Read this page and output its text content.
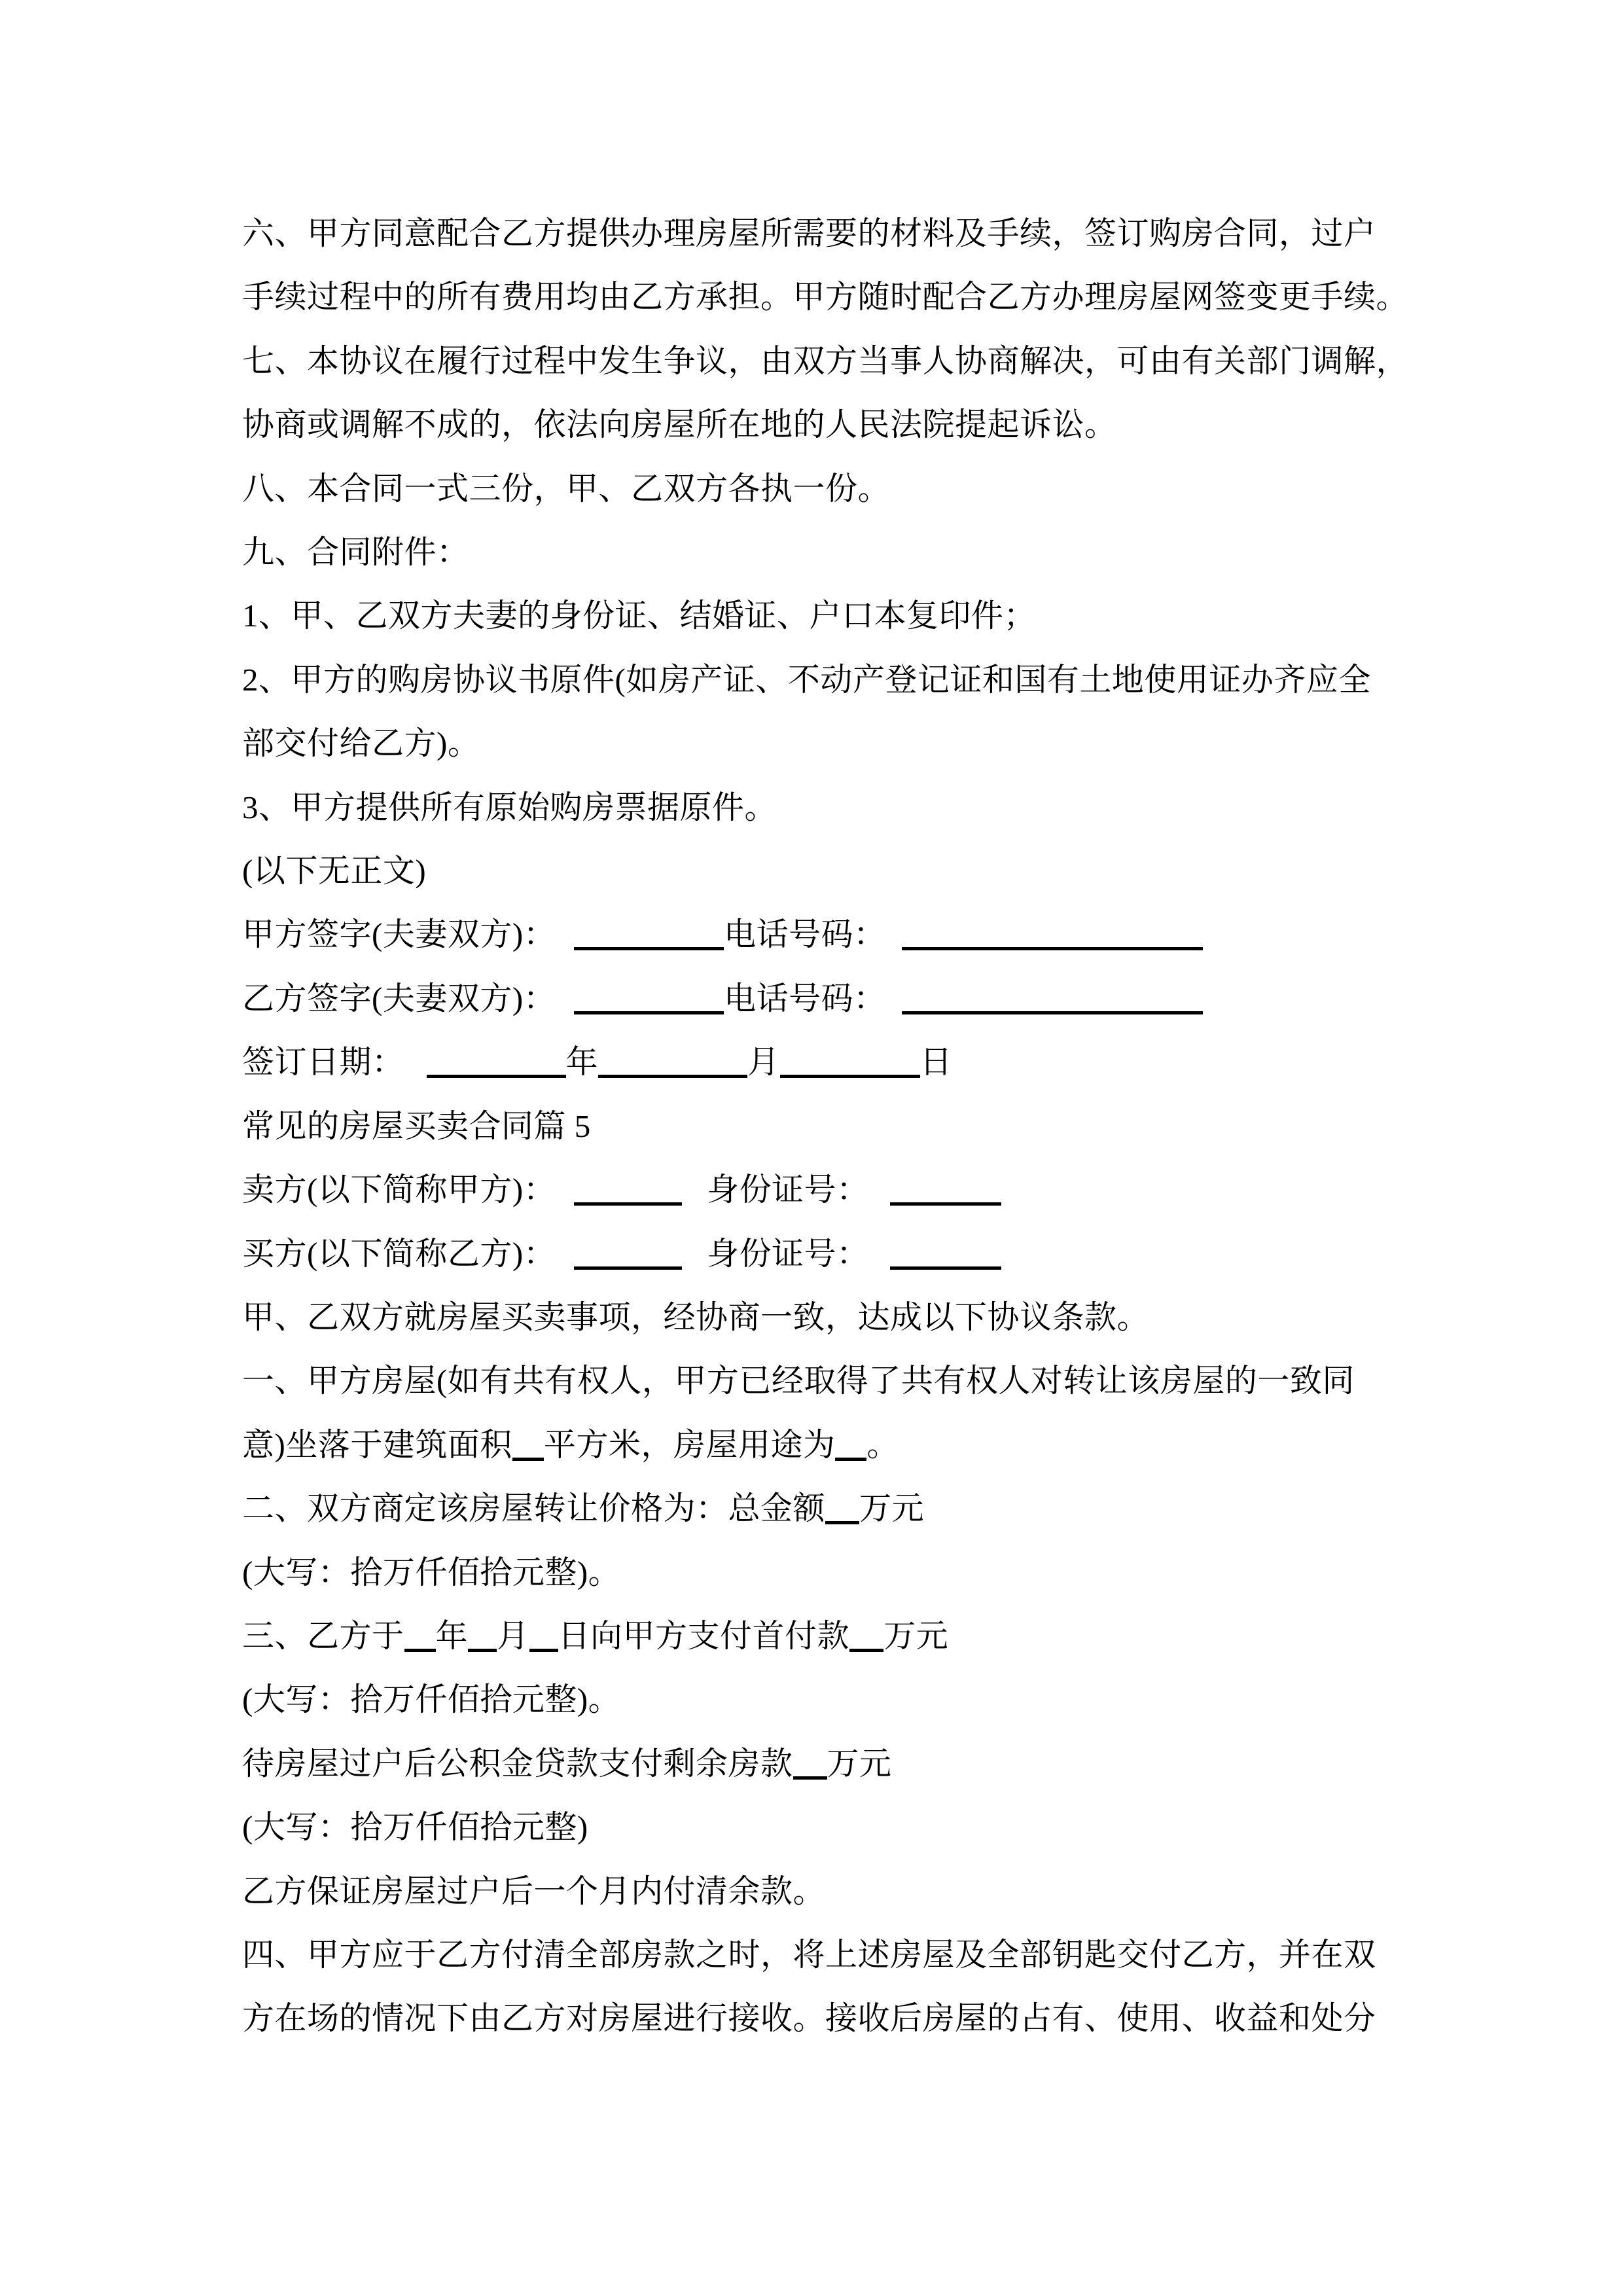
六、甲方同意配合乙方提供办理房屋所需要的材料及手续，签订购房合同，过户

手续过程中的所有费用均由乙方承担。甲方随时配合乙方办理房屋网签变更手续。

七、本协议在履行过程中发生争议，由双方当事人协商解决，可由有关部门调解，

协商或调解不成的，依法向房屋所在地的人民法院提起诉讼。

八、本合同一式三份，甲、乙双方各执一份。

九、合同附件：

1、甲、乙双方夫妻的身份证、结婚证、户口本复印件；

2、甲方的购房协议书原件(如房产证、不动产登记证和国有土地使用证办齐应全

部交付给乙方)。

3、甲方提供所有原始购房票据原件。

(以下无正文)

甲方签字(夫妻双方)：	电话号码：

乙方签字(夫妻双方)：	电话号码：

签订日期：	年	月	日

常见的房屋买卖合同篇 5

卖方(以下简称甲方)：	身份证号：

买方(以下简称乙方)：	身份证号：

甲、乙双方就房屋买卖事项，经协商一致，达成以下协议条款。

一、甲方房屋(如有共有权人，甲方已经取得了共有权人对转让该房屋的一致同

意)坐落于建筑面积 平方米，房屋用途为 。

二、双方商定该房屋转让价格为：总金额 万元

(大写：拾万仟佰拾元整)。

三、乙方于 年 月 日向甲方支付首付款 万元

(大写：拾万仟佰拾元整)。

待房屋过户后公积金贷款支付剩余房款 万元

(大写：拾万仟佰拾元整)

乙方保证房屋过户后一个月内付清余款。

四、甲方应于乙方付清全部房款之时，将上述房屋及全部钥匙交付乙方，并在双

方在场的情况下由乙方对房屋进行接收。接收后房屋的占有、使用、收益和处分
